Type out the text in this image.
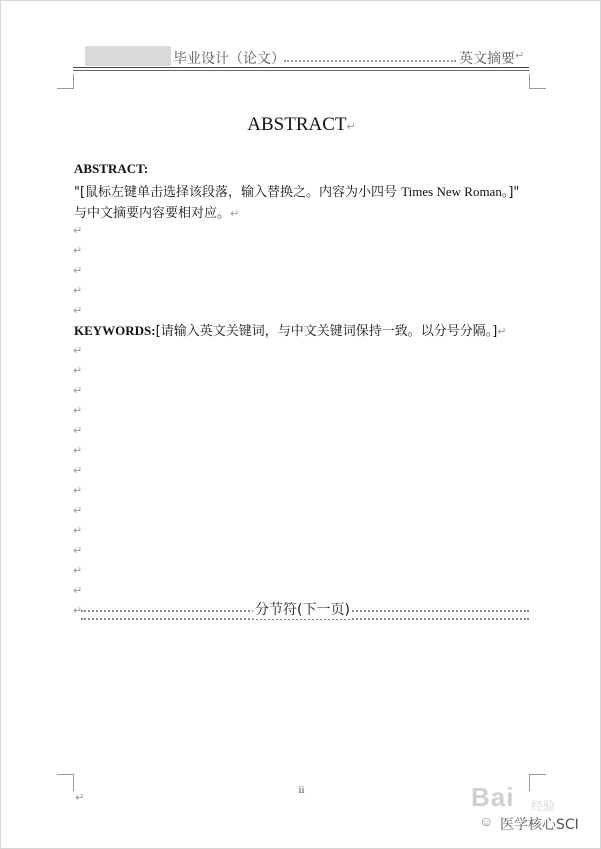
毕业设计（论文）	英文摘要 ↵
ABSTRACT↵
ABSTRACT:
"[鼠标左键单击选择该段落，输入替换之。内容为小四号 Times New Roman。]" 与中文摘要内容要相对应。↵
↵
↵
↵
↵
↵
KEYWORDS:[请输入英文关键词，与中文关键词保持一致。以分号分隔。]↵
↵
↵
↵
↵
↵
↵
↵
↵
↵
↵
↵
↵
↵
↵	分节符(下一页)
ii
↵	Bai 经验
☺ 医学核心SCI
